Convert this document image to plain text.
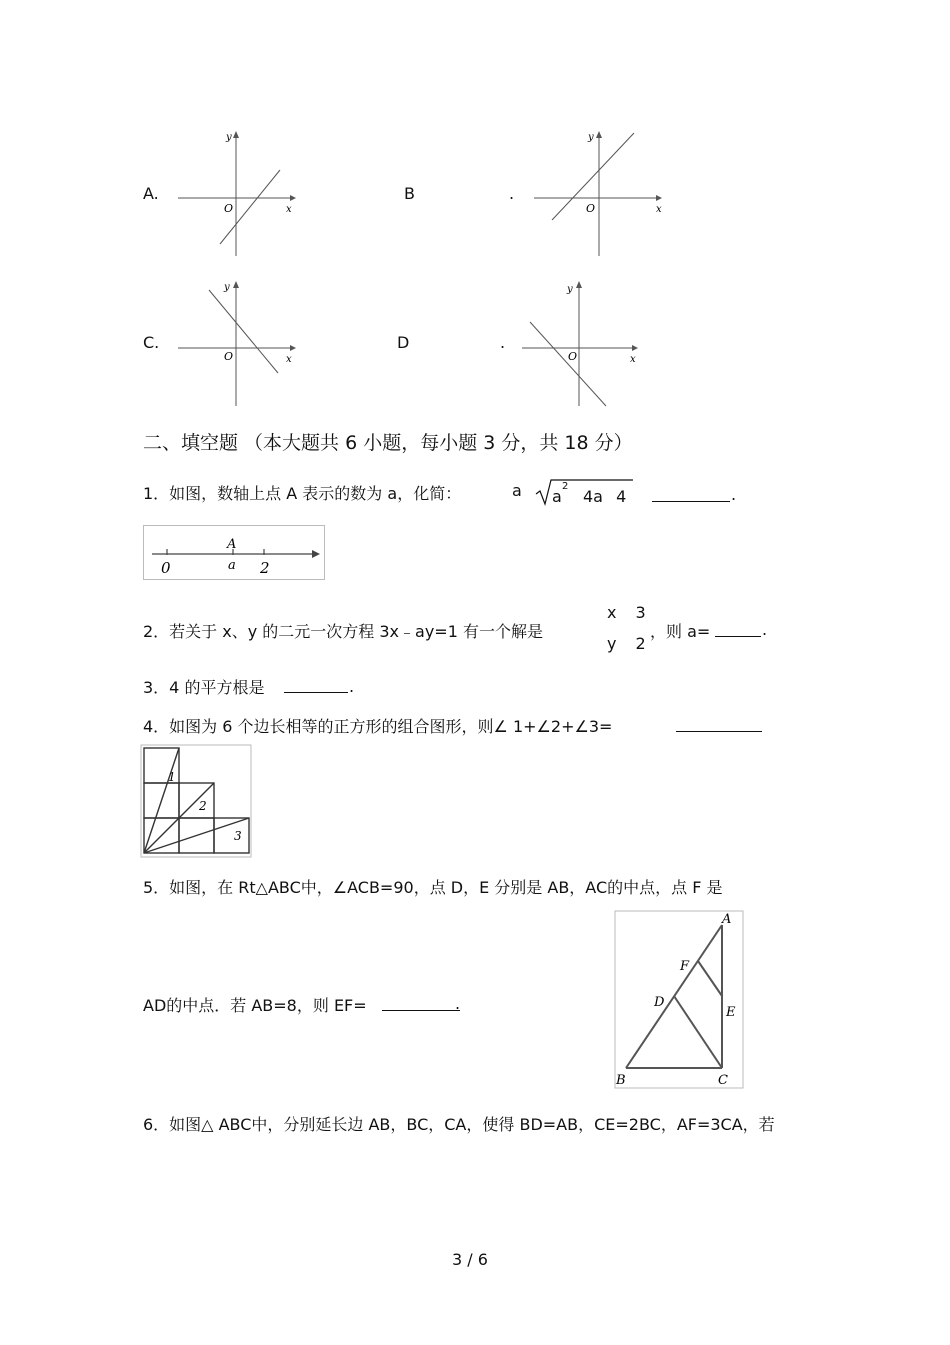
A.
y
x
O
B	.
y
x
O
C.
y
x
O
D	.
y
x
O
二、填空题 （本大题共 6 小题，每小题 3 分，共 18 分）
1．如图，数轴上点 A 表示的数为 a，化简：	a a
2
4a 4	.
0	a
A
2
2．若关于 x、y 的二元一次方程 3x﹣ay=1 有一个解是
x 3
y 2
，则 a=	.
3．4 的平方根是	.
4．如图为 6 个边长相等的正方形的组合图形，则∠ 1+∠2+∠3=
1
2
3
5．如图，在 Rt△ABC中，∠ACB=90，点 D，E 分别是 AB，AC的中点，点 F 是
AD的中点．若 AB=8，则 EF=	.
A
B	C
D
E
F
6．如图△ ABC中，分别延长边 AB，BC，CA，使得 BD=AB，CE=2BC，AF=3CA，若
3 / 6
